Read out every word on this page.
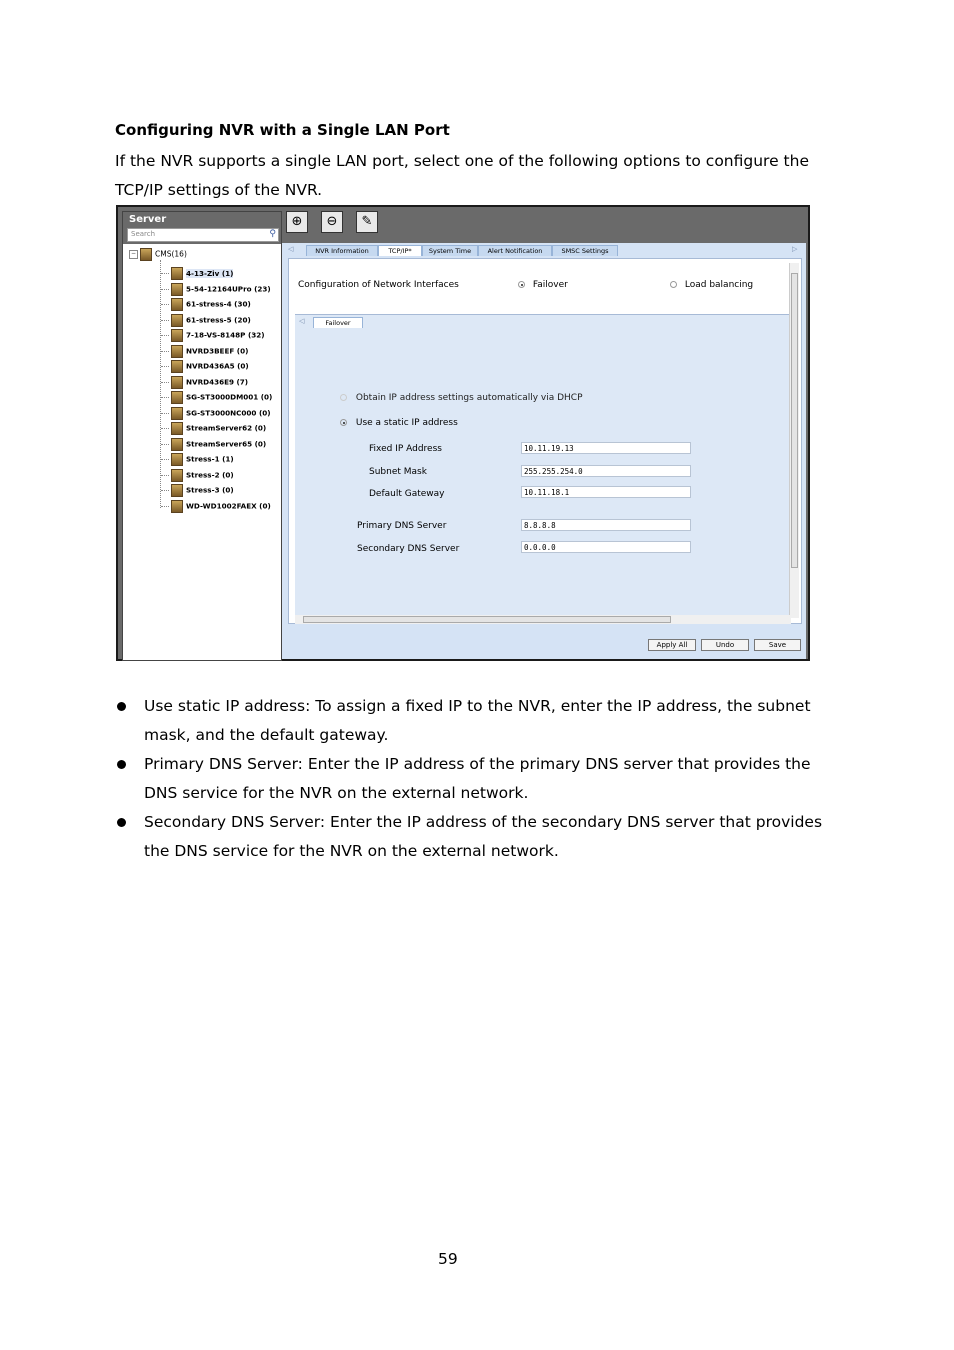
Configuring NVR with a Single LAN Port
If the NVR supports a single LAN port, select one of the following options to configure the TCP/IP settings of the NVR.
Server
Search	⚲
−	CMS(16)
4-13-Ziv (1)
5-54-12164UPro (23)
61-stress-4 (30)
61-stress-5 (20)
7-18-VS-8148P (32)
NVRD3BEEF (0)
NVRD436A5 (0)
NVRD436E9 (7)
SG-ST3000DM001 (0)
SG-ST3000NC000 (0)
StreamServer62 (0)
StreamServer65 (0)
Stress-1 (1)
Stress-2 (0)
Stress-3 (0)
WD-WD1002FAEX (0)
⊕	⊖	✎
◁	NVR Information	TCP/IP*	System Time	Alert Notification	SMSC Settings	▷
Configuration of Network Interfaces	Failover	Load balancing
◁	Failover
Obtain IP address settings automatically via DHCP
Use a static IP address
Fixed IP Address	10.11.19.13
Subnet Mask	255.255.254.0
Default Gateway	10.11.18.1
Primary DNS Server	8.8.8.8
Secondary DNS Server	0.0.0.0
Apply All	Undo	Save
Use static IP address: To assign a fixed IP to the NVR, enter the IP address, the subnet mask, and the default gateway.
Primary DNS Server: Enter the IP address of the primary DNS server that provides the DNS service for the NVR on the external network.
Secondary DNS Server: Enter the IP address of the secondary DNS server that provides the DNS service for the NVR on the external network.
59
